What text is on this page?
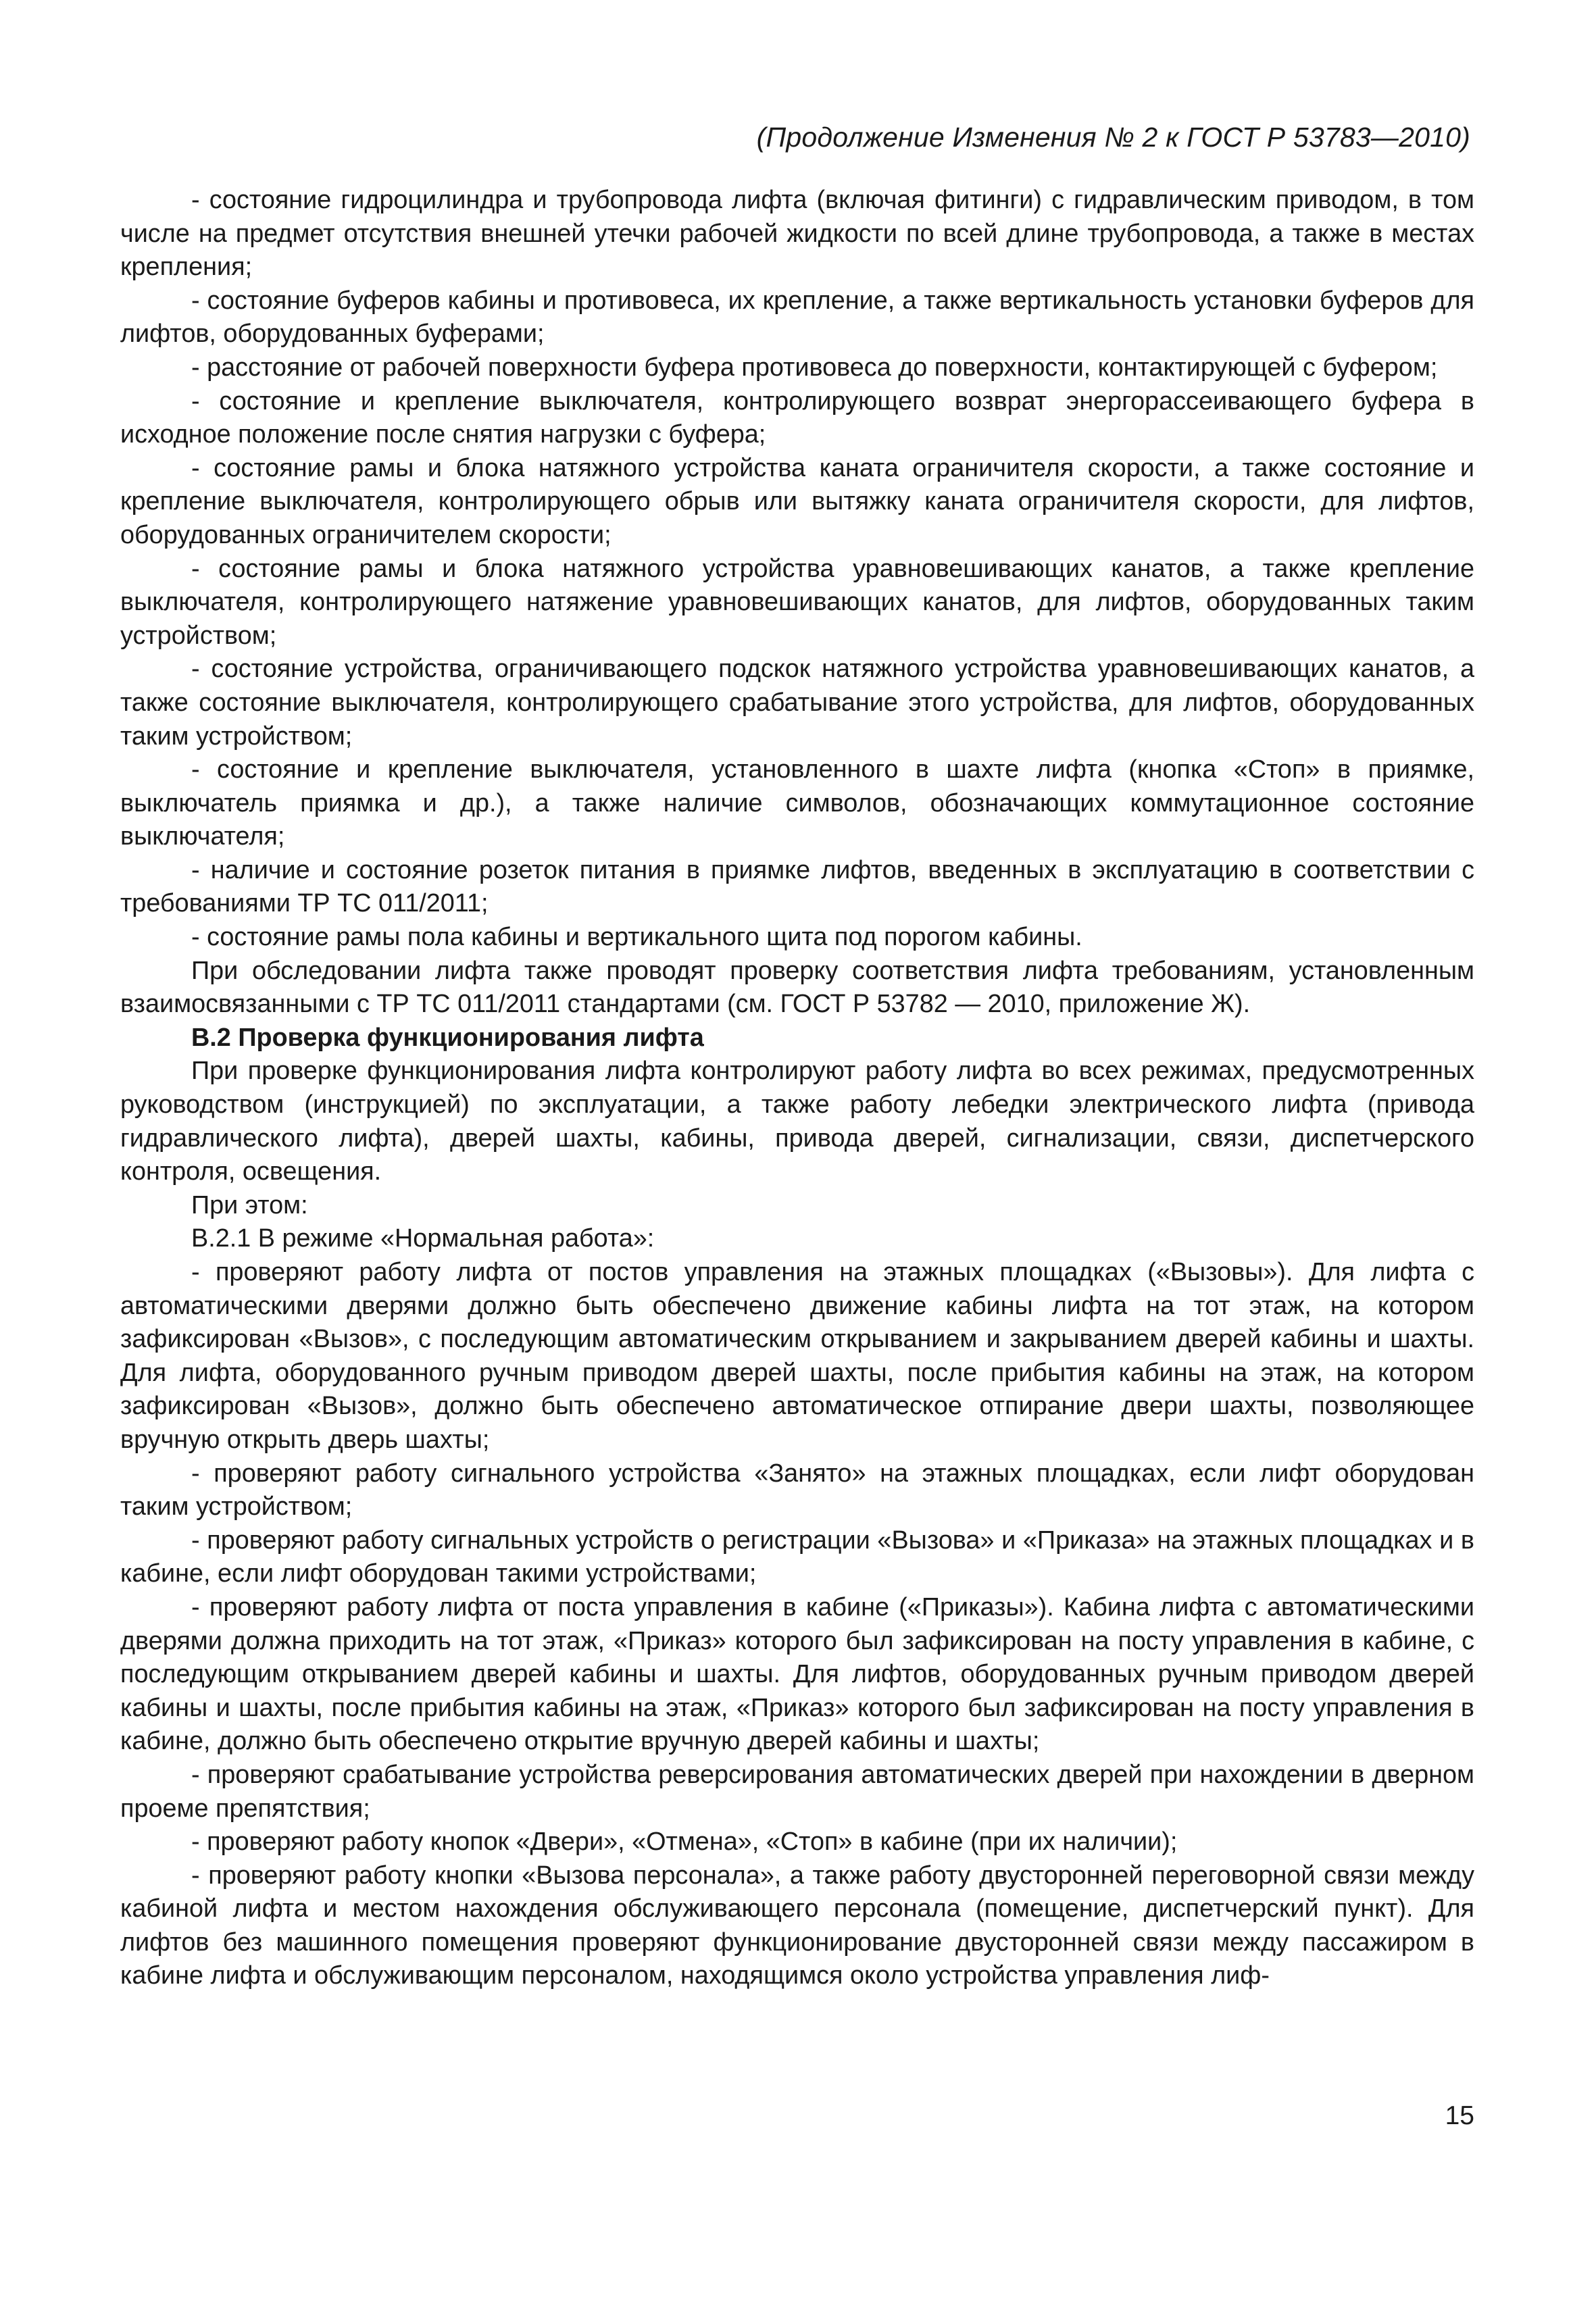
(Продолжение Изменения № 2 к ГОСТ Р 53783—2010)

- состояние гидроцилиндра и трубопровода лифта (включая фитинги) с гидравлическим приводом, в том числе на предмет отсутствия внешней утечки рабочей жидкости по всей длине трубопровода, а также в местах крепления;

- состояние буферов кабины и противовеса, их крепление, а также вертикальность установки буферов для лифтов, оборудованных буферами;

- расстояние от рабочей поверхности буфера противовеса до поверхности, контактирующей с буфером;

- состояние и крепление выключателя, контролирующего возврат энергорассеивающего буфера в исходное положение после снятия нагрузки с буфера;

- состояние рамы и блока натяжного устройства каната ограничителя скорости, а также состояние и крепление выключателя, контролирующего обрыв или вытяжку каната ограничителя скорости, для лифтов, оборудованных ограничителем скорости;

- состояние рамы и блока натяжного устройства уравновешивающих канатов, а также крепление выключателя, контролирующего натяжение уравновешивающих канатов, для лифтов, оборудованных таким устройством;

- состояние устройства, ограничивающего подскок натяжного устройства уравновешивающих канатов, а также состояние выключателя, контролирующего срабатывание этого устройства, для лифтов, оборудованных таким устройством;

- состояние и крепление выключателя, установленного в шахте лифта (кнопка «Стоп» в приямке, выключатель приямка и др.), а также наличие символов, обозначающих коммутационное состояние выключателя;

- наличие и состояние розеток питания в приямке лифтов, введенных в эксплуатацию в соответствии с требованиями ТР ТС 011/2011;

- состояние рамы пола кабины и вертикального щита под порогом кабины.

При обследовании лифта также проводят проверку соответствия лифта требованиям, установленным взаимосвязанными с ТР ТС 011/2011 стандартами (см. ГОСТ Р 53782 — 2010, приложение Ж).

В.2 Проверка функционирования лифта

При проверке функционирования лифта контролируют работу лифта во всех режимах, предусмотренных руководством (инструкцией) по эксплуатации, а также работу лебедки электрического лифта (привода гидравлического лифта), дверей шахты, кабины, привода дверей, сигнализации, связи, диспетчерского контроля, освещения.

При этом:

В.2.1 В режиме «Нормальная работа»:

- проверяют работу лифта от постов управления на этажных площадках («Вызовы»). Для лифта с автоматическими дверями должно быть обеспечено движение кабины лифта на тот этаж, на котором зафиксирован «Вызов», с последующим автоматическим открыванием и закрыванием дверей кабины и шахты. Для лифта, оборудованного ручным приводом дверей шахты, после прибытия кабины на этаж, на котором зафиксирован «Вызов», должно быть обеспечено автоматическое отпирание двери шахты, позволяющее вручную открыть дверь шахты;

- проверяют работу сигнального устройства «Занято» на этажных площадках, если лифт оборудован таким устройством;

- проверяют работу сигнальных устройств о регистрации «Вызова» и «Приказа» на этажных площадках и в кабине, если лифт оборудован такими устройствами;

- проверяют работу лифта от поста управления в кабине («Приказы»). Кабина лифта с автоматическими дверями должна приходить на тот этаж, «Приказ» которого был зафиксирован на посту управления в кабине, с последующим открыванием дверей кабины и шахты. Для лифтов, оборудованных ручным приводом дверей кабины и шахты, после прибытия кабины на этаж, «Приказ» которого был зафиксирован на посту управления в кабине, должно быть обеспечено открытие вручную дверей кабины и шахты;

- проверяют срабатывание устройства реверсирования автоматических дверей при нахождении в дверном проеме препятствия;

- проверяют работу кнопок «Двери», «Отмена», «Стоп» в кабине (при их наличии);

- проверяют работу кнопки «Вызова персонала», а также работу двусторонней переговорной связи между кабиной лифта и местом нахождения обслуживающего персонала (помещение, диспетчерский пункт). Для лифтов без машинного помещения проверяют функционирование двусторонней связи между пассажиром в кабине лифта и обслуживающим персоналом, находящимся около устройства управления лиф-

15
